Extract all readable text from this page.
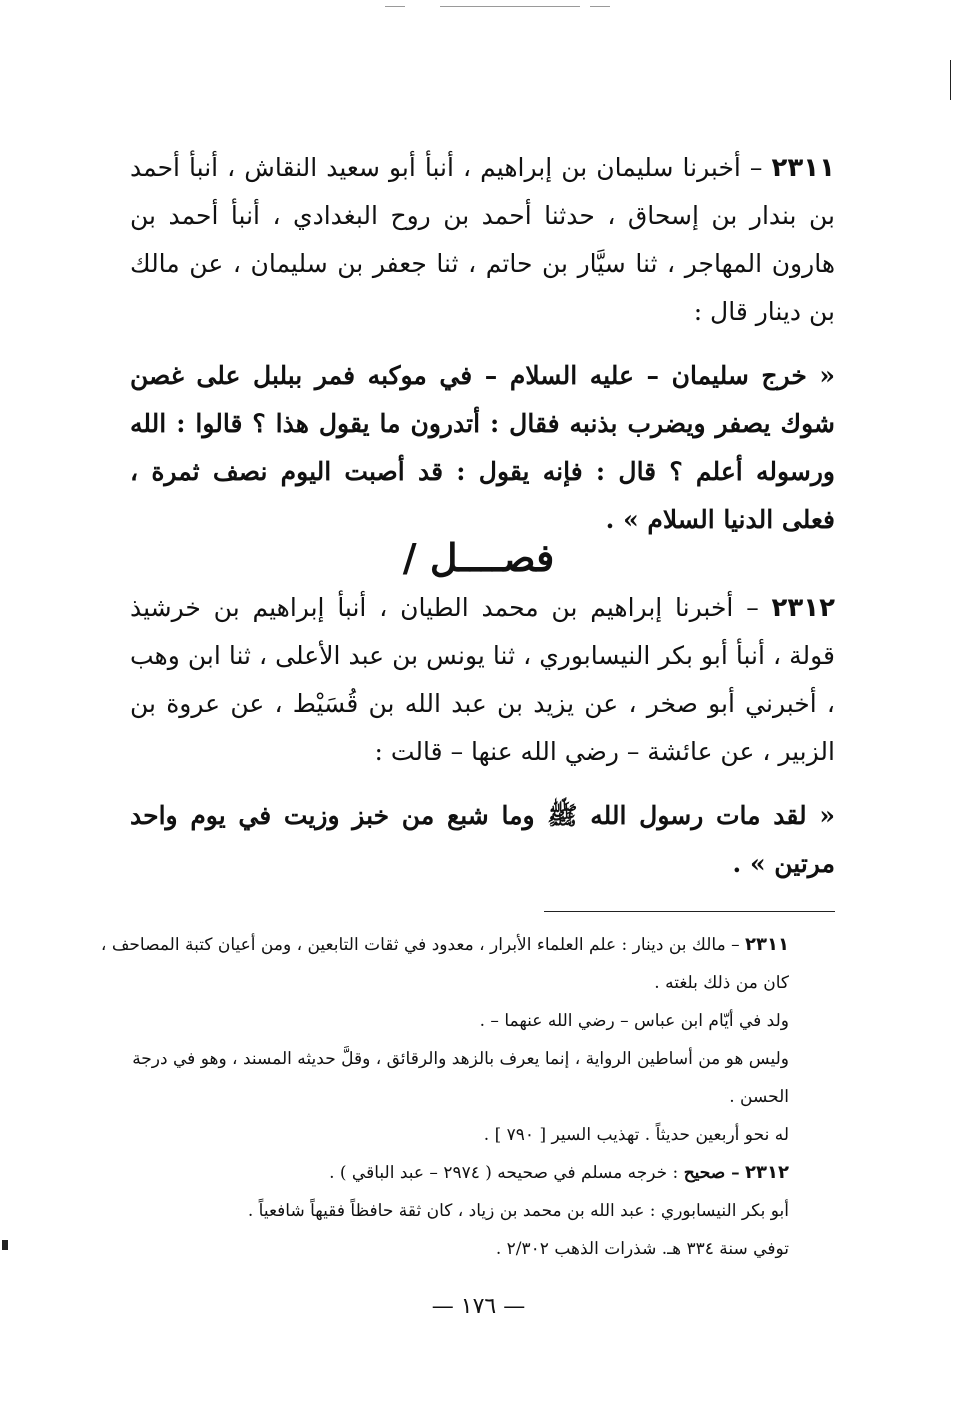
٢٣١١ – أخبرنا سليمان بن إبراهيم ، أنبأ أبو سعيد النقاش ، أنبأ أحمد بن بندار بن إسحاق ، حدثنا أحمد بن روح البغدادي ، أنبأ أحمد بن هارون المهاجر ، ثنا سيَّار بن حاتم ، ثنا جعفر بن سليمان ، عن مالك بن دينار قال :

« خرج سليمان – عليه السلام – في موكبه فمر ببلبل على غصن شوك يصفر ويضرب بذنبه فقال : أتدرون ما يقول هذا ؟ قالوا : الله ورسوله أعلم ؟ قال : فإنه يقول : قد أصبت اليوم نصف ثمرة ، فعلى الدنيا السلام » .

فصــــل /

٢٣١٢ – أخبرنا إبراهيم بن محمد الطيان ، أنبأ إبراهيم بن خرشيذ قولة ، أنبأ أبو بكر النيسابوري ، ثنا يونس بن عبد الأعلى ، ثنا ابن وهب ، أخبرني أبو صخر ، عن يزيد بن عبد الله بن قُسَيْط ، عن عروة بن الزبير ، عن عائشة – رضي الله عنها – قالت :

« لقد مات رسول الله ﷺ وما شبع من خبز وزيت في يوم واحد مرتين » .

٢٣١١ – مالك بن دينار : علم العلماء الأبرار ، معدود في ثقات التابعين ، ومن أعيان كتبة المصاحف ، كان من ذلك بلغته .

ولد في أيّام ابن عباس – رضي الله عنهما – .

وليس هو من أساطين الرواية ، إنما يعرف بالزهد والرقائق ، وقلَّ حديثه المسند ، وهو في درجة الحسن .

له نحو أربعين حديثاً . تهذيب السير [ ٧٩٠ ] .

٢٣١٢ – صحيح : خرجه مسلم في صحيحه ( ٢٩٧٤ – عبد الباقي ) .

أبو بكر النيسابوري : عبد الله بن محمد بن زياد ، كان ثقة حافظاً فقيهاً شافعياً .

توفي سنة ٣٣٤ هـ. شذرات الذهب ٢/٣٠٢ .

— ١٧٦ —
